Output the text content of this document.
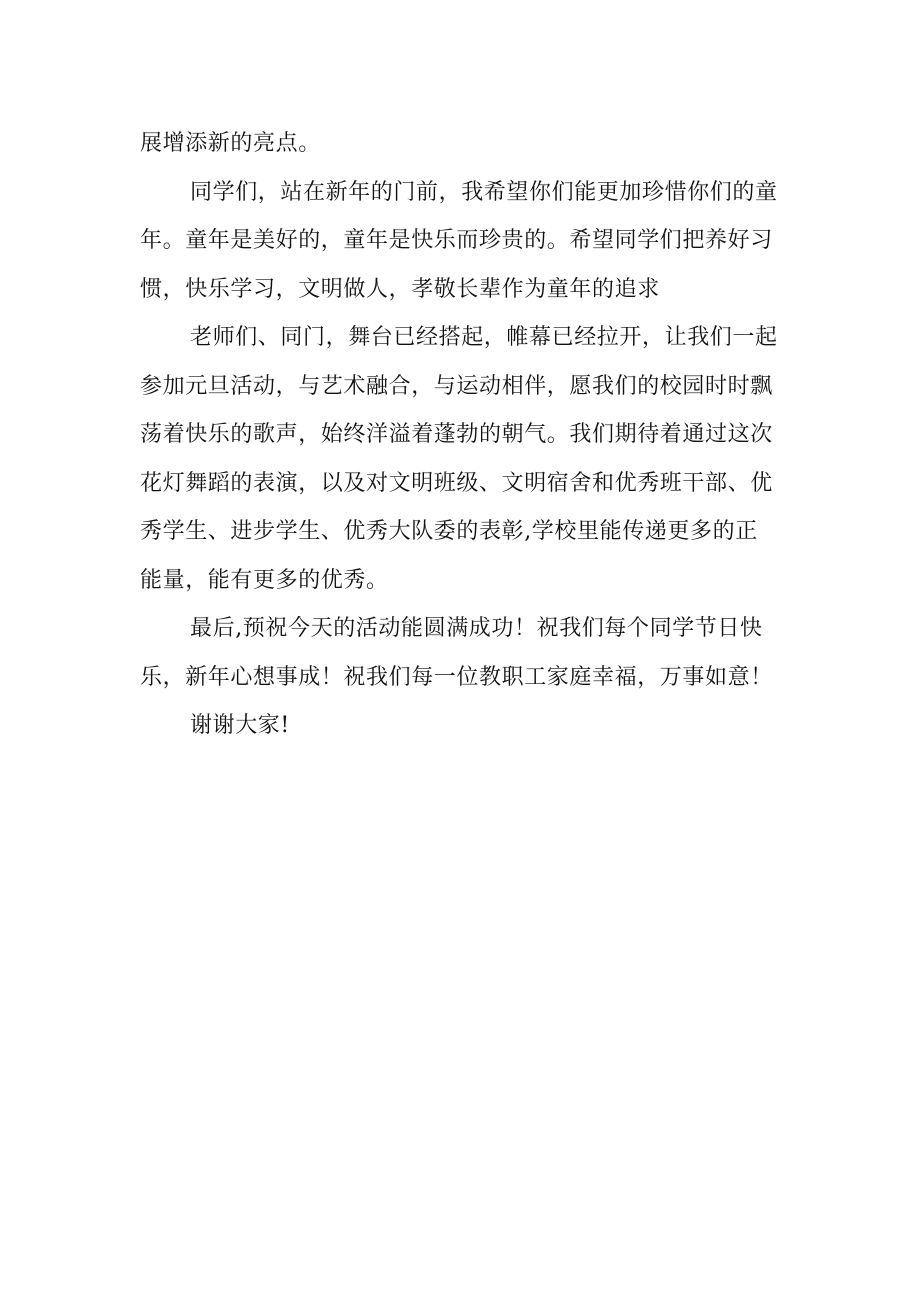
展增添新的亮点。
同学们，站在新年的门前，我希望你们能更加珍惜你们的童
年。童年是美好的，童年是快乐而珍贵的。希望同学们把养好习
惯，快乐学习，文明做人，孝敬长辈作为童年的追求
老师们、同门，舞台已经搭起，帷幕已经拉开，让我们一起
参加元旦活动，与艺术融合，与运动相伴，愿我们的校园时时飘
荡着快乐的歌声，始终洋溢着蓬勃的朝气。我们期待着通过这次
花灯舞蹈的表演，以及对文明班级、文明宿舍和优秀班干部、优
秀学生、进步学生、优秀大队委的表彰,学校里能传递更多的正
能量，能有更多的优秀。
最后,预祝今天的活动能圆满成功！祝我们每个同学节日快
乐，新年心想事成！祝我们每一位教职工家庭幸福，万事如意！
谢谢大家!
